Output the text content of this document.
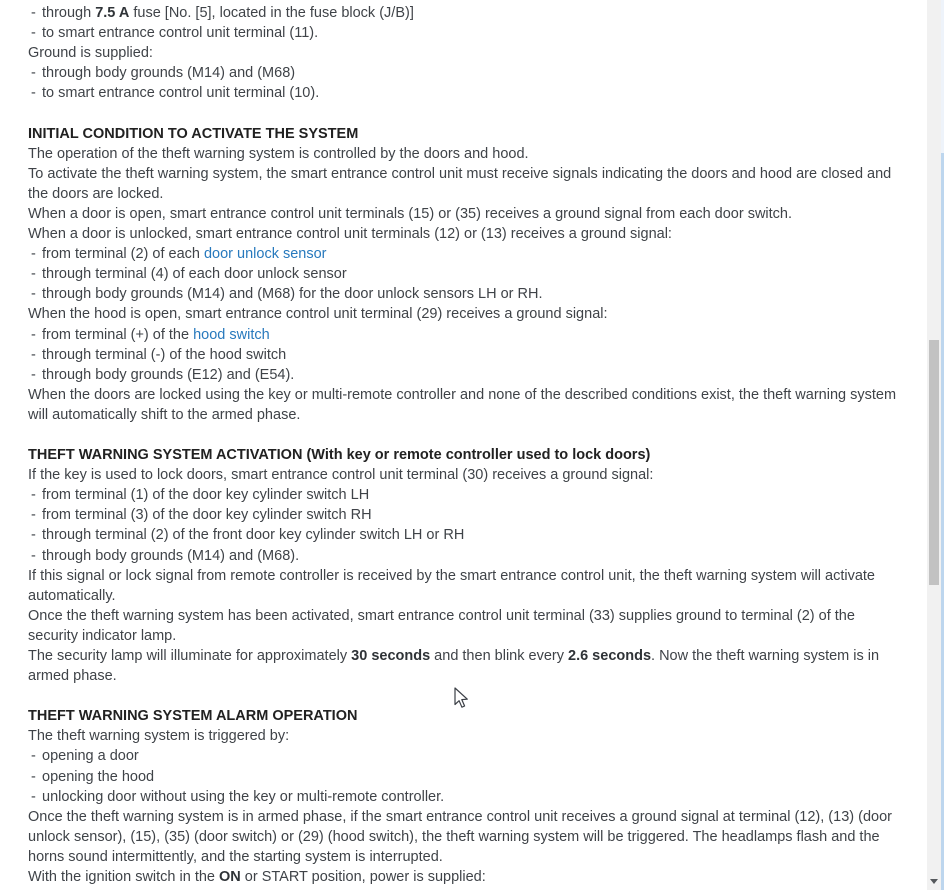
- through 7.5 A fuse [No. [5], located in the fuse block (J/B)]
- to smart entrance control unit terminal (11).
Ground is supplied:
- through body grounds (M14) and (M68)
- to smart entrance control unit terminal (10).
INITIAL CONDITION TO ACTIVATE THE SYSTEM
The operation of the theft warning system is controlled by the doors and hood.
To activate the theft warning system, the smart entrance control unit must receive signals indicating the doors and hood are closed and the doors are locked.
When a door is open, smart entrance control unit terminals (15) or (35) receives a ground signal from each door switch.
When a door is unlocked, smart entrance control unit terminals (12) or (13) receives a ground signal:
- from terminal (2) of each door unlock sensor
- through terminal (4) of each door unlock sensor
- through body grounds (M14) and (M68) for the door unlock sensors LH or RH.
When the hood is open, smart entrance control unit terminal (29) receives a ground signal:
- from terminal (+) of the hood switch
- through terminal (-) of the hood switch
- through body grounds (E12) and (E54).
When the doors are locked using the key or multi-remote controller and none of the described conditions exist, the theft warning system will automatically shift to the armed phase.
THEFT WARNING SYSTEM ACTIVATION (With key or remote controller used to lock doors)
If the key is used to lock doors, smart entrance control unit terminal (30) receives a ground signal:
- from terminal (1) of the door key cylinder switch LH
- from terminal (3) of the door key cylinder switch RH
- through terminal (2) of the front door key cylinder switch LH or RH
- through body grounds (M14) and (M68).
If this signal or lock signal from remote controller is received by the smart entrance control unit, the theft warning system will activate automatically.
Once the theft warning system has been activated, smart entrance control unit terminal (33) supplies ground to terminal (2) of the security indicator lamp.
The security lamp will illuminate for approximately 30 seconds and then blink every 2.6 seconds. Now the theft warning system is in armed phase.
THEFT WARNING SYSTEM ALARM OPERATION
The theft warning system is triggered by:
- opening a door
- opening the hood
- unlocking door without using the key or multi-remote controller.
Once the theft warning system is in armed phase, if the smart entrance control unit receives a ground signal at terminal (12), (13) (door unlock sensor), (15), (35) (door switch) or (29) (hood switch), the theft warning system will be triggered. The headlamps flash and the horns sound intermittently, and the starting system is interrupted.
With the ignition switch in the ON or START position, power is supplied:
